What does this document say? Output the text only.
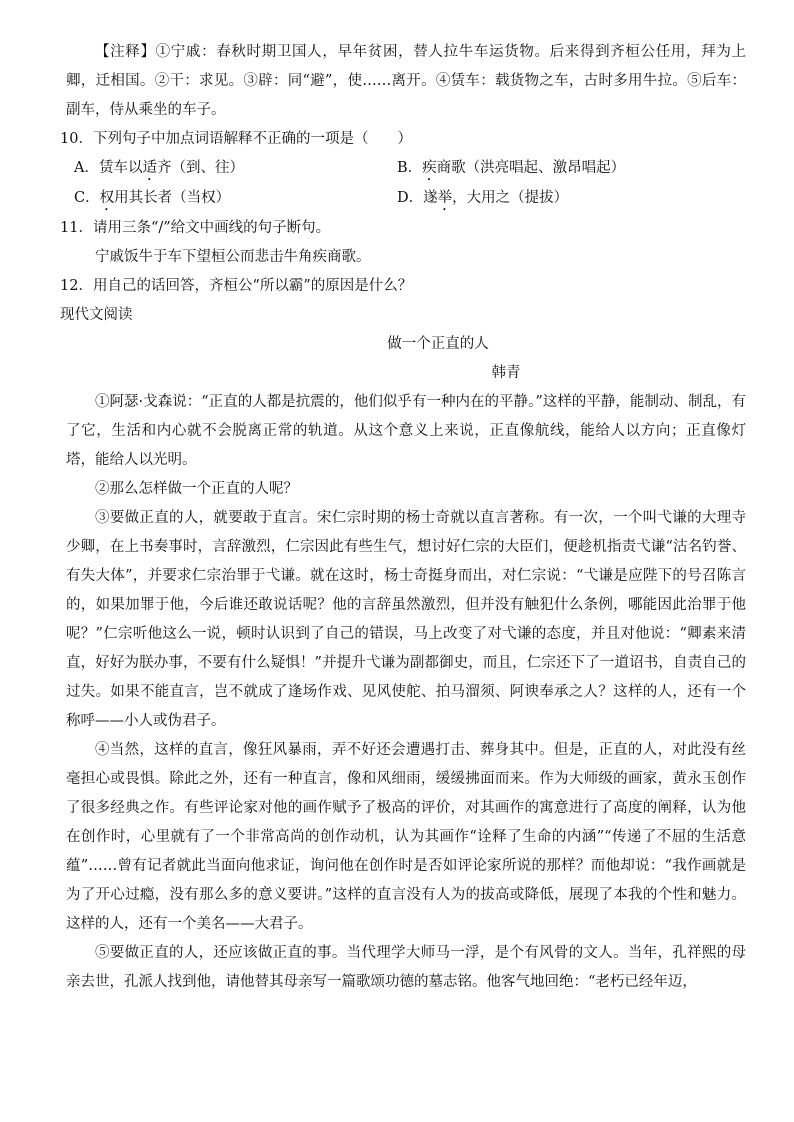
【注释】①宁戚：春秋时期卫国人，早年贫困，替人拉牛车运货物。后来得到齐桓公任用，拜为上卿，迁相国。②干：求见。③辟：同“避”，使……离开。④赁车：载货物之车，古时多用牛拉。⑤后车：副车，侍从乘坐的车子。

10．下列句子中加点词语解释不正确的一项是（　　）

A．赁车以适齐（到、往）	B．疾商歌（洪亮唱起、激昂唱起）
C．权用其长者（当权）	D．遂举，大用之（提拔）

11．请用三条“/”给文中画线的句子断句。

宁戚饭牛于车下望桓公而悲击牛角疾商歌。

12．用自己的话回答，齐桓公“所以霸”的原因是什么？

现代文阅读

做一个正直的人

韩青

①阿瑟·戈森说：“正直的人都是抗震的，他们似乎有一种内在的平静。”这样的平静，能制动、制乱，有了它，生活和内心就不会脱离正常的轨道。从这个意义上来说，正直像航线，能给人以方向；正直像灯塔，能给人以光明。

②那么怎样做一个正直的人呢？

③要做正直的人，就要敢于直言。宋仁宗时期的杨士奇就以直言著称。有一次，一个叫弋谦的大理寺少卿，在上书奏事时，言辞激烈，仁宗因此有些生气，想讨好仁宗的大臣们，便趁机指责弋谦“沽名钓誉、有失大体”，并要求仁宗治罪于弋谦。就在这时，杨士奇挺身而出，对仁宗说：“弋谦是应陛下的号召陈言的，如果加罪于他，今后谁还敢说话呢？他的言辞虽然激烈，但并没有触犯什么条例，哪能因此治罪于他呢？”仁宗听他这么一说，顿时认识到了自己的错误，马上改变了对弋谦的态度，并且对他说：“卿素来清直，好好为朕办事，不要有什么疑惧！”并提升弋谦为副都御史，而且，仁宗还下了一道诏书，自责自己的过失。如果不能直言，岂不就成了逢场作戏、见风使舵、拍马溜须、阿谀奉承之人？这样的人，还有一个称呼——小人或伪君子。

④当然，这样的直言，像狂风暴雨，弄不好还会遭遇打击、葬身其中。但是，正直的人，对此没有丝毫担心或畏惧。除此之外，还有一种直言，像和风细雨，缓缓拂面而来。作为大师级的画家，黄永玉创作了很多经典之作。有些评论家对他的画作赋予了极高的评价，对其画作的寓意进行了高度的阐释，认为他在创作时，心里就有了一个非常高尚的创作动机，认为其画作“诠释了生命的内涵”“传递了不屈的生活意蕴”……曾有记者就此当面向他求证，询问他在创作时是否如评论家所说的那样？而他却说：“我作画就是为了开心过瘾，没有那么多的意义要讲。”这样的直言没有人为的拔高或降低，展现了本我的个性和魅力。这样的人，还有一个美名——大君子。

⑤要做正直的人，还应该做正直的事。当代理学大师马一浮，是个有风骨的文人。当年，孔祥熙的母亲去世，孔派人找到他，请他替其母亲写一篇歌颂功德的墓志铭。他客气地回绝：“老朽已经年迈，
